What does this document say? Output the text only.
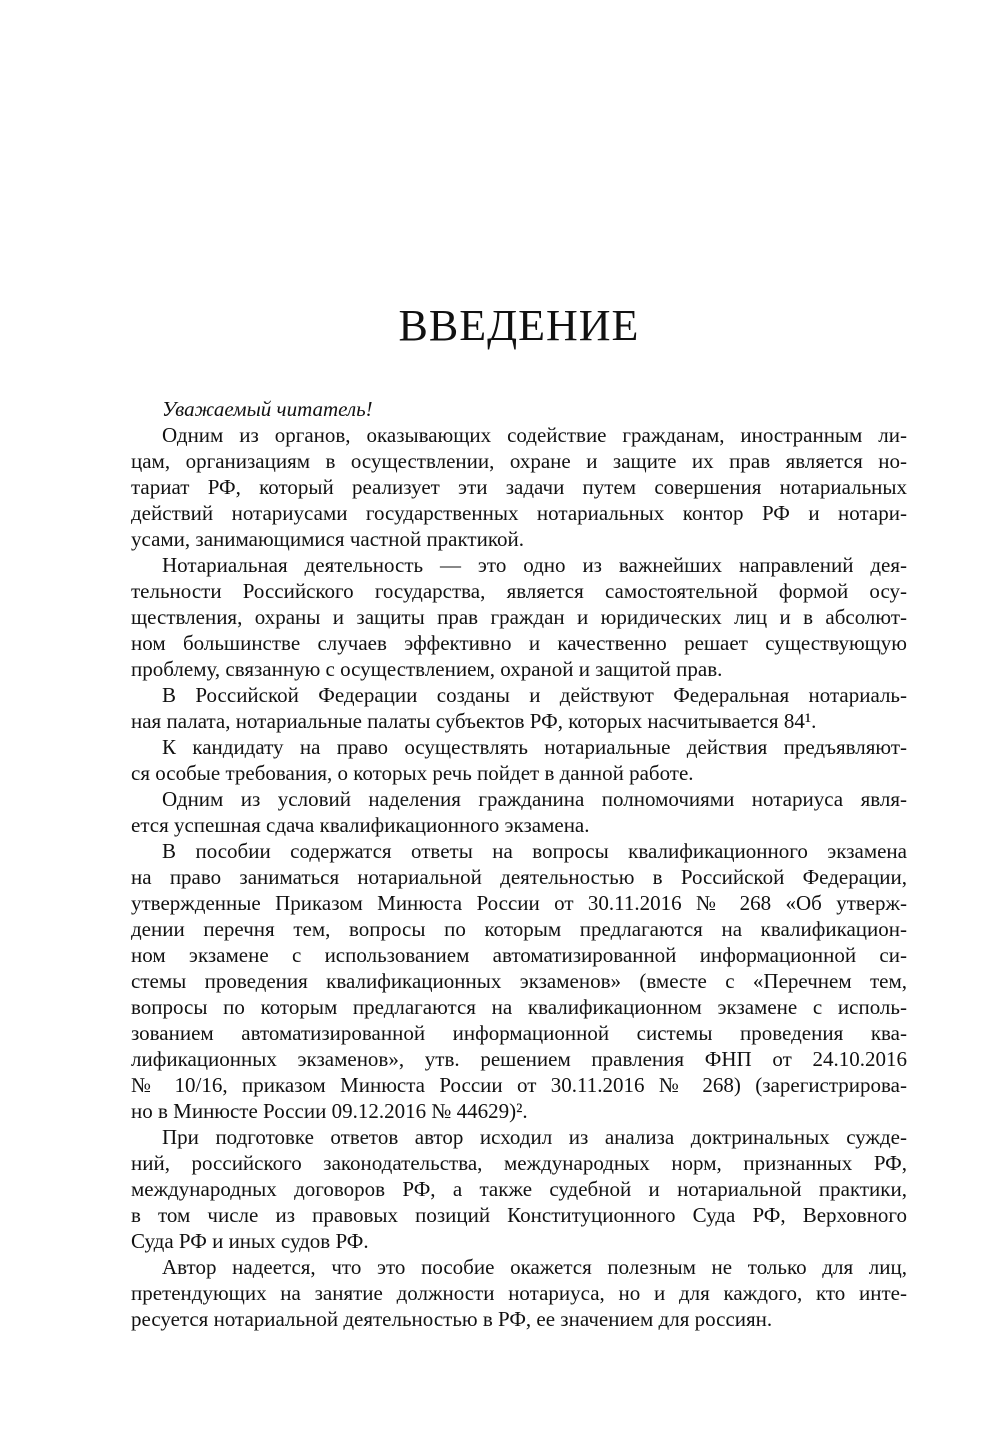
ВВЕДЕНИЕ

Уважаемый читатель!

Одним из органов, оказывающих содействие гражданам, иностранным ли-
цам, организациям в осуществлении, охране и защите их прав является но-
тариат РФ, который реализует эти задачи путем совершения нотариальных
действий нотариусами государственных нотариальных контор РФ и нотари-
усами, занимающимися частной практикой.

Нотариальная деятельность — это одно из важнейших направлений дея-
тельности Российского государства, является самостоятельной формой осу-
ществления, охраны и защиты прав граждан и юридических лиц и в абсолют-
ном большинстве случаев эффективно и качественно решает существующую
проблему, связанную с осуществлением, охраной и защитой прав.

В Российской Федерации созданы и действуют Федеральная нотариаль-
ная палата, нотариальные палаты субъектов РФ, которых насчитывается 84¹.

К кандидату на право осуществлять нотариальные действия предъявляют-
ся особые требования, о которых речь пойдет в данной работе.

Одним из условий наделения гражданина полномочиями нотариуса явля-
ется успешная сдача квалификационного экзамена.

В пособии содержатся ответы на вопросы квалификационного экзамена
на право заниматься нотариальной деятельностью в Российской Федерации,
утвержденные Приказом Минюста России от 30.11.2016 № 268 «Об утверж-
дении перечня тем, вопросы по которым предлагаются на квалификацион-
ном экзамене с использованием автоматизированной информационной си-
стемы проведения квалификационных экзаменов» (вместе с «Перечнем тем,
вопросы по которым предлагаются на квалификационном экзамене с исполь-
зованием автоматизированной информационной системы проведения ква-
лификационных экзаменов», утв. решением правления ФНП от 24.10.2016
№ 10/16, приказом Минюста России от 30.11.2016 № 268) (зарегистрирова-
но в Минюсте России 09.12.2016 № 44629)².

При подготовке ответов автор исходил из анализа доктринальных сужде-
ний, российского законодательства, международных норм, признанных РФ,
международных договоров РФ, а также судебной и нотариальной практики,
в том числе из правовых позиций Конституционного Суда РФ, Верховного
Суда РФ и иных судов РФ.

Автор надеется, что это пособие окажется полезным не только для лиц,
претендующих на занятие должности нотариуса, но и для каждого, кто инте-
ресуется нотариальной деятельностью в РФ, ее значением для россиян.
